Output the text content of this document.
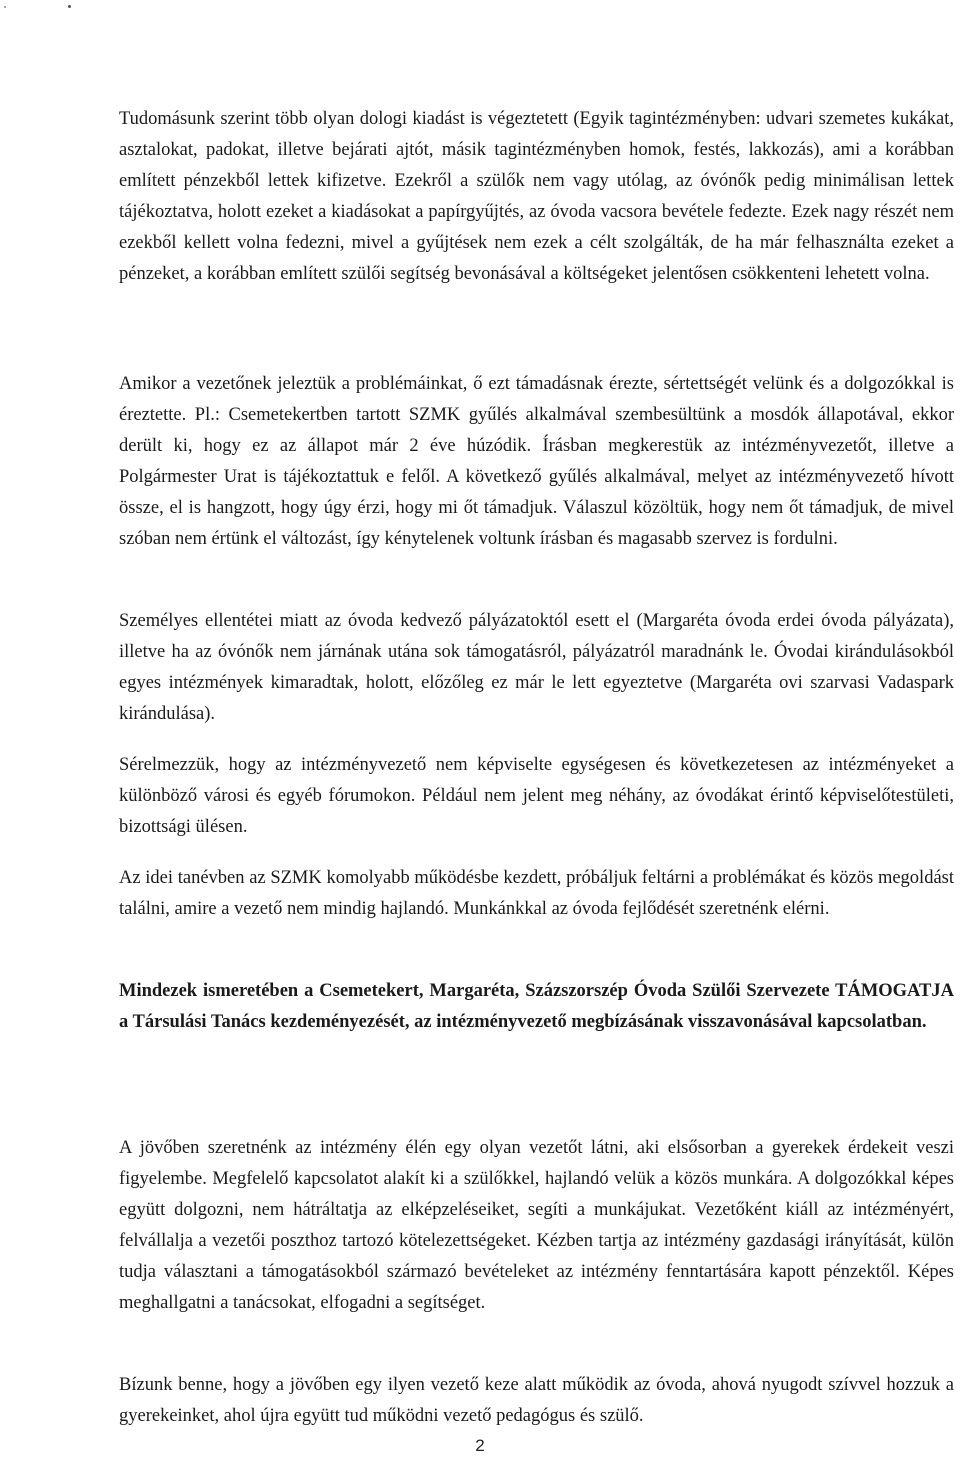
Tudomásunk szerint több olyan dologi kiadást is végeztetett (Egyik tagintézményben: udvari szemetes kukákat, asztalokat, padokat, illetve bejárati ajtót, másik tagintézményben homok, festés, lakkozás), ami a korábban említett pénzekből lettek kifizetve. Ezekről a szülők nem vagy utólag, az óvónők pedig minimálisan lettek tájékoztatva, holott ezeket a kiadásokat a papírgyűjtés, az óvoda vacsora bevétele fedezte. Ezek nagy részét nem ezekből kellett volna fedezni, mivel a gyűjtések nem ezek a célt szolgálták, de ha már felhasználta ezeket a pénzeket, a korábban említett szülői segítség bevonásával a költségeket jelentősen csökkenteni lehetett volna.

Amikor a vezetőnek jeleztük a problémáinkat, ő ezt támadásnak érezte, sértettségét velünk és a dolgozókkal is éreztette. Pl.: Csemetekertben tartott SZMK gyűlés alkalmával szembesültünk a mosdók állapotával, ekkor derült ki, hogy ez az állapot már 2 éve húzódik. Írásban megkerestük az intézményvezetőt, illetve a Polgármester Urat is tájékoztattuk e felől. A következő gyűlés alkalmával, melyet az intézményvezető hívott össze, el is hangzott, hogy úgy érzi, hogy mi őt támadjuk. Válaszul közöltük, hogy nem őt támadjuk, de mivel szóban nem értünk el változást, így kénytelenek voltunk írásban és magasabb szervez is fordulni.

Személyes ellentétei miatt az óvoda kedvező pályázatoktól esett el (Margaréta óvoda erdei óvoda pályázata), illetve ha az óvónők nem járnának utána sok támogatásról, pályázatról maradnánk le. Óvodai kirándulásokból egyes intézmények kimaradtak, holott, előzőleg ez már le lett egyeztetve (Margaréta ovi szarvasi Vadaspark kirándulása).

Sérelmezzük, hogy az intézményvezető nem képviselte egységesen és következetesen az intézményeket a különböző városi és egyéb fórumokon. Például nem jelent meg néhány, az óvodákat érintő képviselőtestületi, bizottsági ülésen.

Az idei tanévben az SZMK komolyabb működésbe kezdett, próbáljuk feltárni a problémákat és közös megoldást találni, amire a vezető nem mindig hajlandó. Munkánkkal az óvoda fejlődését szeretnénk elérni.

Mindezek ismeretében a Csemetekert, Margaréta, Százszorszép Óvoda Szülői Szervezete TÁMOGATJA a Társulási Tanács kezdeményezését, az intézményvezető megbízásának visszavonásával kapcsolatban.

A jövőben szeretnénk az intézmény élén egy olyan vezetőt látni, aki elsősorban a gyerekek érdekeit veszi figyelembe. Megfelelő kapcsolatot alakít ki a szülőkkel, hajlandó velük a közös munkára. A dolgozókkal képes együtt dolgozni, nem hátráltatja az elképzeléseiket, segíti a munkájukat. Vezetőként kiáll az intézményért, felvállalja a vezetői poszthoz tartozó kötelezettségeket. Kézben tartja az intézmény gazdasági irányítását, külön tudja választani a támogatásokból származó bevételeket az intézmény fenntartására kapott pénzektől. Képes meghallgatni a tanácsokat, elfogadni a segítséget.

Bízunk benne, hogy a jövőben egy ilyen vezető keze alatt működik az óvoda, ahová nyugodt szívvel hozzuk a gyerekeinket, ahol újra együtt tud működni vezető pedagógus és szülő.

2
